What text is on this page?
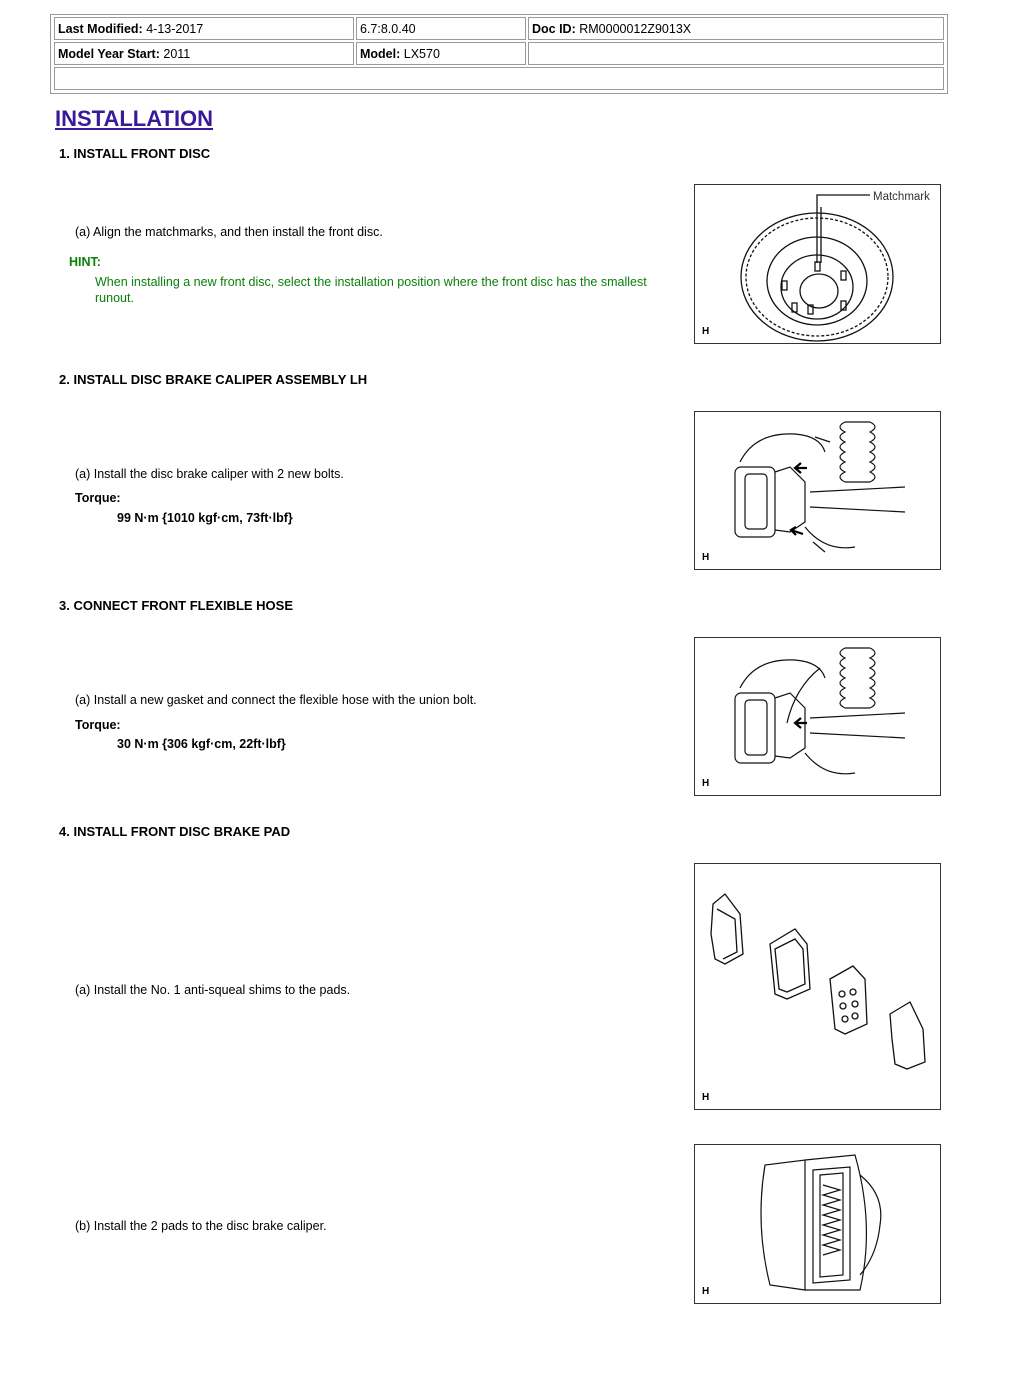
Last Modified: 4-13-2017	6.7:8.0.40	Doc ID: RM0000012Z9013X
Model Year Start: 2011	Model: LX570

INSTALLATION

1. INSTALL FRONT DISC

(a) Align the matchmarks, and then install the front disc.
HINT:
When installing a new front disc, select the installation position where the front disc has the smallest runout.
Matchmark
H

2. INSTALL DISC BRAKE CALIPER ASSEMBLY LH

(a) Install the disc brake caliper with 2 new bolts.
Torque:
99 N·m {1010 kgf·cm, 73ft·lbf}
H

3. CONNECT FRONT FLEXIBLE HOSE

(a) Install a new gasket and connect the flexible hose with the union bolt.
Torque:
30 N·m {306 kgf·cm, 22ft·lbf}
H

4. INSTALL FRONT DISC BRAKE PAD

(a) Install the No. 1 anti-squeal shims to the pads.
H
(b) Install the 2 pads to the disc brake caliper.
H
